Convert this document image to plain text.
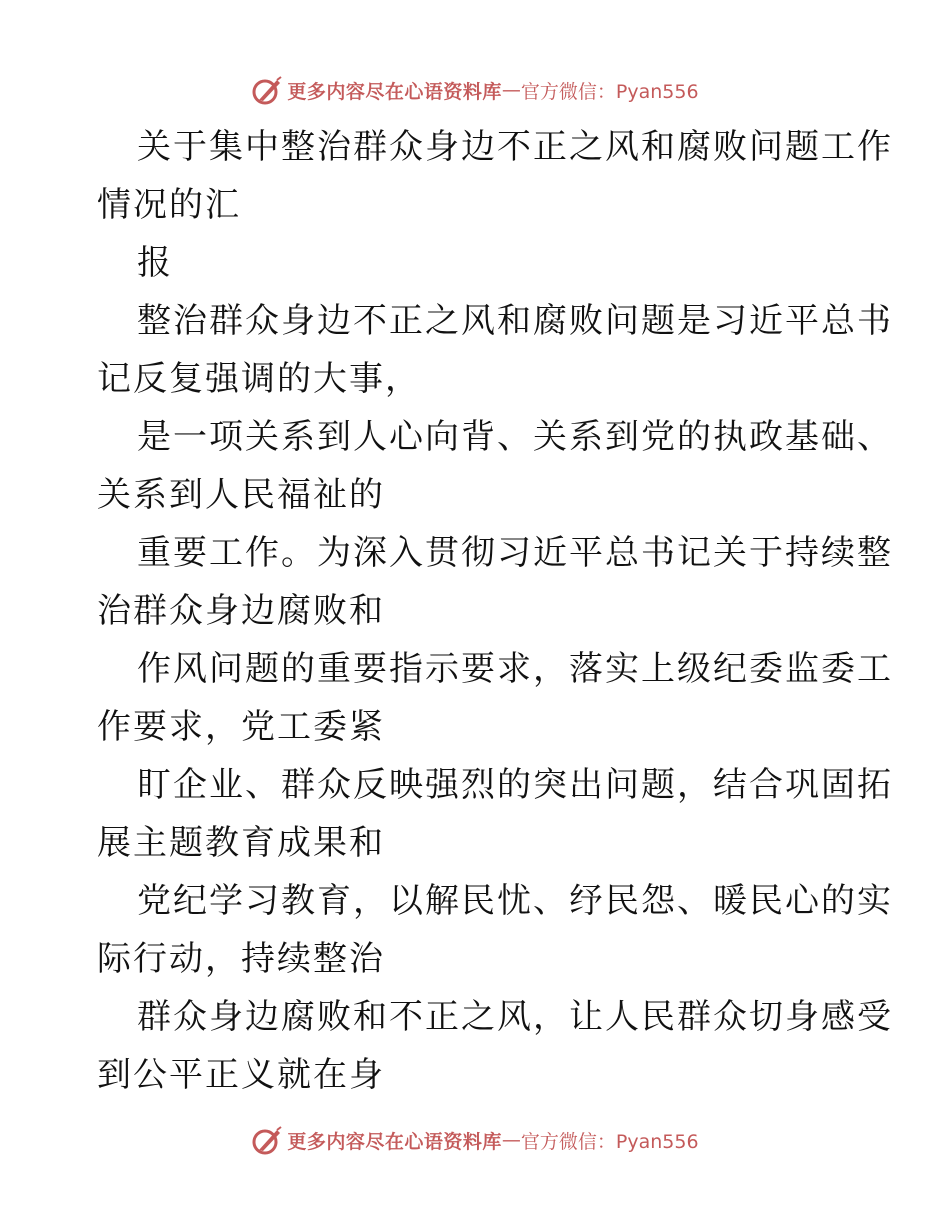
更多内容尽在心语资料库 — 官方微信：Pyan556
关于集中整治群众身边不正之风和腐败问题工作
情况的汇
报
整治群众身边不正之风和腐败问题是习近平总书
记反复强调的大事，
是一项关系到人心向背、关系到党的执政基础、
关系到人民福祉的
重要工作。为深入贯彻习近平总书记关于持续整
治群众身边腐败和
作风问题的重要指示要求，落实上级纪委监委工
作要求，党工委紧
盯企业、群众反映强烈的突出问题，结合巩固拓
展主题教育成果和
党纪学习教育，以解民忧、纾民怨、暖民心的实
际行动，持续整治
群众身边腐败和不正之风，让人民群众切身感受
到公平正义就在身
更多内容尽在心语资料库 — 官方微信：Pyan556
